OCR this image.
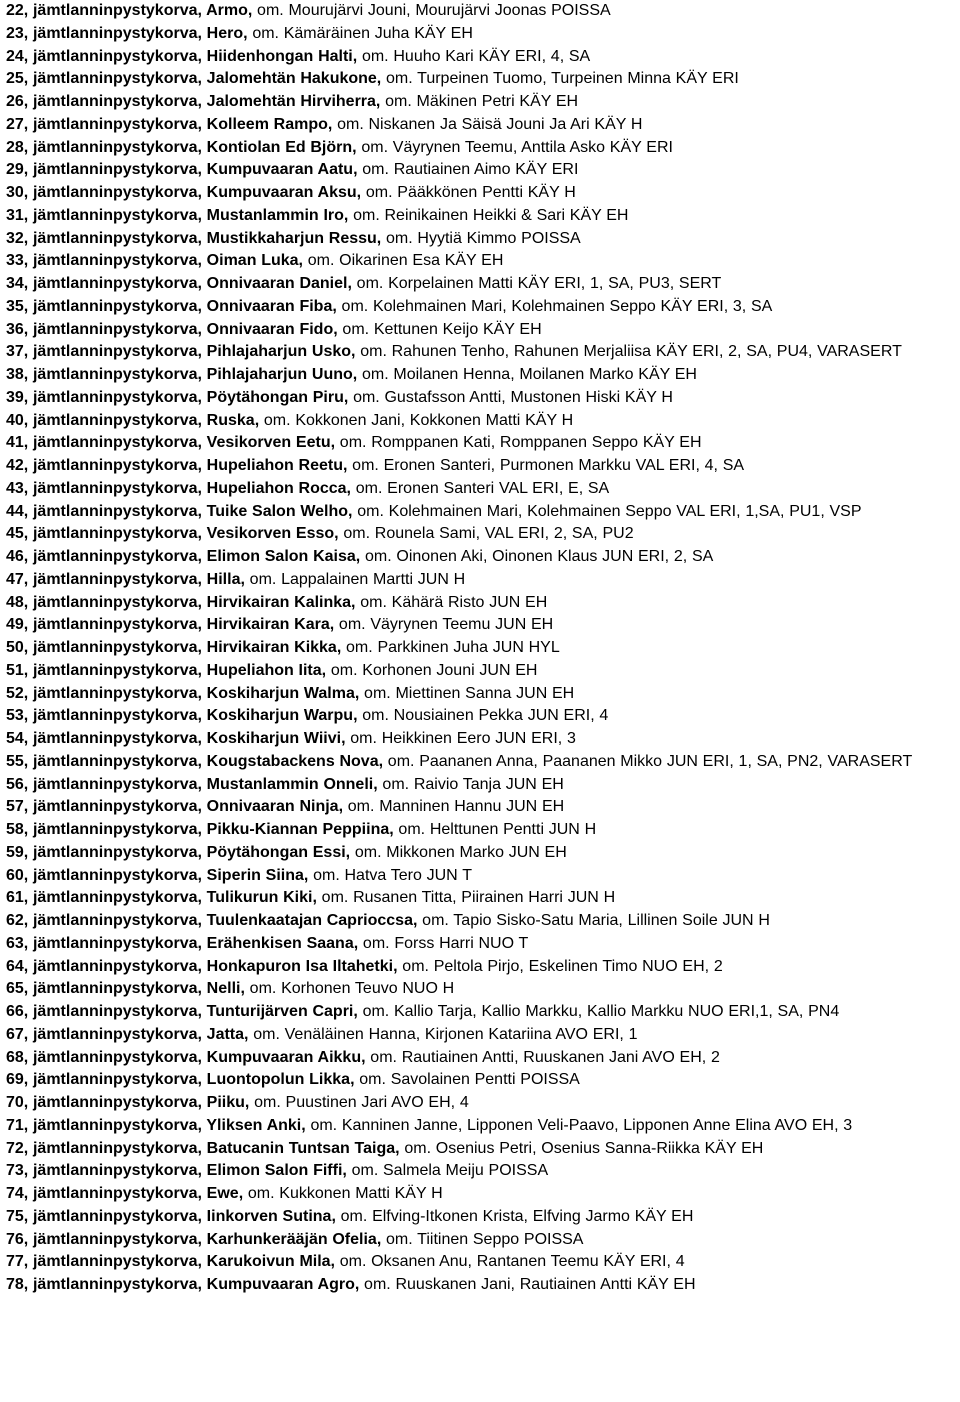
22, jämtlanninpystykorva, Armo, om. Mourujärvi Jouni, Mourujärvi Joonas POISSA

23, jämtlanninpystykorva, Hero, om. Kämäräinen Juha KÄY EH

24, jämtlanninpystykorva, Hiidenhongan Halti, om. Huuho Kari KÄY ERI, 4, SA

25, jämtlanninpystykorva, Jalomehtän Hakukone, om. Turpeinen Tuomo, Turpeinen Minna KÄY ERI

26, jämtlanninpystykorva, Jalomehtän Hirviherra, om. Mäkinen Petri KÄY EH

27, jämtlanninpystykorva, Kolleem Rampo, om. Niskanen Ja Säisä Jouni Ja Ari KÄY H

28, jämtlanninpystykorva, Kontiolan Ed Björn, om. Väyrynen Teemu, Anttila Asko KÄY ERI

29, jämtlanninpystykorva, Kumpuvaaran Aatu, om. Rautiainen Aimo KÄY ERI

30, jämtlanninpystykorva, Kumpuvaaran Aksu, om. Pääkkönen Pentti KÄY H

31, jämtlanninpystykorva, Mustanlammin Iro, om. Reinikainen Heikki & Sari KÄY EH

32, jämtlanninpystykorva, Mustikkaharjun Ressu, om. Hyytiä Kimmo POISSA

33, jämtlanninpystykorva, Oiman Luka, om. Oikarinen Esa KÄY EH

34, jämtlanninpystykorva, Onnivaaran Daniel, om. Korpelainen Matti KÄY ERI, 1, SA, PU3, SERT

35, jämtlanninpystykorva, Onnivaaran Fiba, om. Kolehmainen Mari, Kolehmainen Seppo KÄY ERI, 3, SA

36, jämtlanninpystykorva, Onnivaaran Fido, om. Kettunen Keijo KÄY EH

37, jämtlanninpystykorva, Pihlajaharjun Usko, om. Rahunen Tenho, Rahunen Merjaliisa KÄY ERI, 2, SA, PU4, VARASERT

38, jämtlanninpystykorva, Pihlajaharjun Uuno, om. Moilanen Henna, Moilanen Marko KÄY EH

39, jämtlanninpystykorva, Pöytähongan Piru, om. Gustafsson Antti, Mustonen Hiski KÄY H

40, jämtlanninpystykorva, Ruska, om. Kokkonen Jani, Kokkonen Matti KÄY H

41, jämtlanninpystykorva, Vesikorven Eetu, om. Romppanen Kati, Romppanen Seppo KÄY EH

42, jämtlanninpystykorva, Hupeliahon Reetu, om. Eronen Santeri, Purmonen Markku VAL ERI, 4, SA

43, jämtlanninpystykorva, Hupeliahon Rocca, om. Eronen Santeri VAL ERI, E, SA

44, jämtlanninpystykorva, Tuike Salon Welho, om. Kolehmainen Mari, Kolehmainen Seppo VAL ERI, 1,SA, PU1, VSP

45, jämtlanninpystykorva, Vesikorven Esso, om. Rounela Sami, VAL ERI, 2, SA, PU2

46, jämtlanninpystykorva, Elimon Salon Kaisa, om. Oinonen Aki, Oinonen Klaus JUN ERI, 2, SA

47, jämtlanninpystykorva, Hilla, om. Lappalainen Martti JUN H

48, jämtlanninpystykorva, Hirvikairan Kalinka, om. Kähärä Risto JUN EH

49, jämtlanninpystykorva, Hirvikairan Kara, om. Väyrynen Teemu JUN EH

50, jämtlanninpystykorva, Hirvikairan Kikka, om. Parkkinen Juha JUN HYL

51, jämtlanninpystykorva, Hupeliahon Iita, om. Korhonen Jouni JUN EH

52, jämtlanninpystykorva, Koskiharjun Walma, om. Miettinen Sanna JUN EH

53, jämtlanninpystykorva, Koskiharjun Warpu, om. Nousiainen Pekka JUN ERI, 4

54, jämtlanninpystykorva, Koskiharjun Wiivi, om. Heikkinen Eero JUN ERI, 3

55, jämtlanninpystykorva, Kougstabackens Nova, om. Paananen Anna, Paananen Mikko JUN ERI, 1, SA, PN2, VARASERT

56, jämtlanninpystykorva, Mustanlammin Onneli, om. Raivio Tanja JUN EH

57, jämtlanninpystykorva, Onnivaaran Ninja, om. Manninen Hannu JUN EH

58, jämtlanninpystykorva, Pikku-Kiannan Peppiina, om. Helttunen Pentti JUN H

59, jämtlanninpystykorva, Pöytähongan Essi, om. Mikkonen Marko JUN EH

60, jämtlanninpystykorva, Siperin Siina, om. Hatva Tero JUN T

61, jämtlanninpystykorva, Tulikurun Kiki, om. Rusanen Titta, Piirainen Harri JUN H

62, jämtlanninpystykorva, Tuulenkaatajan Caprioccsa, om. Tapio Sisko-Satu Maria, Lillinen Soile JUN H

63, jämtlanninpystykorva, Erähenkisen Saana, om. Forss Harri NUO T

64, jämtlanninpystykorva, Honkapuron Isa Iltahetki, om. Peltola Pirjo, Eskelinen Timo NUO EH, 2

65, jämtlanninpystykorva, Nelli, om. Korhonen Teuvo NUO H

66, jämtlanninpystykorva, Tunturijärven Capri, om. Kallio Tarja, Kallio Markku, Kallio Markku NUO ERI,1, SA, PN4

67, jämtlanninpystykorva, Jatta, om. Venäläinen Hanna, Kirjonen Katariina AVO ERI, 1

68, jämtlanninpystykorva, Kumpuvaaran Aikku, om. Rautiainen Antti, Ruuskanen Jani AVO EH, 2

69, jämtlanninpystykorva, Luontopolun Likka, om. Savolainen Pentti POISSA

70, jämtlanninpystykorva, Piiku, om. Puustinen Jari AVO EH, 4

71, jämtlanninpystykorva, Yliksen Anki, om. Kanninen Janne, Lipponen Veli-Paavo, Lipponen Anne Elina AVO EH, 3

72, jämtlanninpystykorva, Batucanin Tuntsan Taiga, om. Osenius Petri, Osenius Sanna-Riikka KÄY EH

73, jämtlanninpystykorva, Elimon Salon Fiffi, om. Salmela Meiju POISSA

74, jämtlanninpystykorva, Ewe, om. Kukkonen Matti KÄY H

75, jämtlanninpystykorva, Iinkorven Sutina, om. Elfving-Itkonen Krista, Elfving Jarmo KÄY EH

76, jämtlanninpystykorva, Karhunkerääjän Ofelia, om. Tiitinen Seppo POISSA

77, jämtlanninpystykorva, Karukoivun Mila, om. Oksanen Anu, Rantanen Teemu KÄY ERI, 4

78, jämtlanninpystykorva, Kumpuvaaran Agro, om. Ruuskanen Jani, Rautiainen Antti KÄY EH
